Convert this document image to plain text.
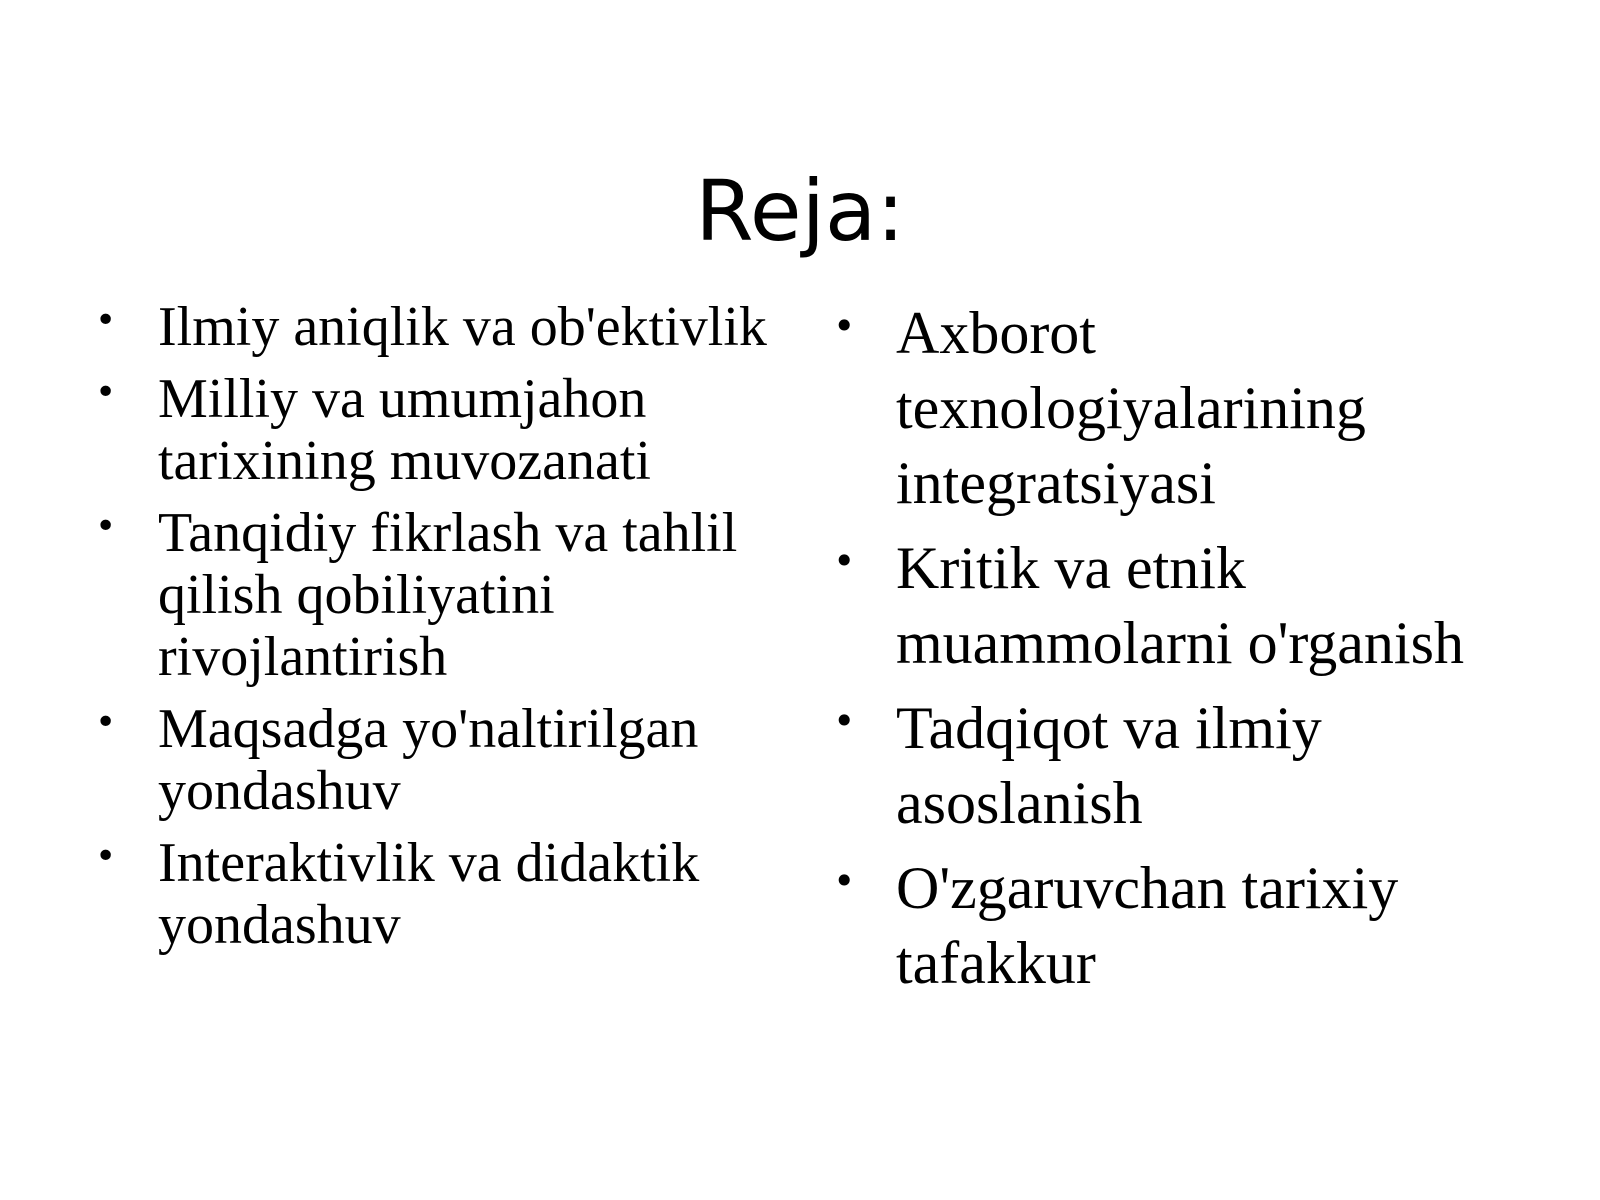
Reja:
• Ilmiy aniqlik va ob'ektivlik
• Milliy va umumjahon tarixining muvozanati
• Tanqidiy fikrlash va tahlil qilish qobiliyatini rivojlantirish
• Maqsadga yo'naltirilgan yondashuv
• Interaktivlik va didaktik yondashuv
• Axborot texnologiyalarining integratsiyasi
• Kritik va etnik muammolarni o'rganish
• Tadqiqot va ilmiy asoslanish
• O'zgaruvchan tarixiy tafakkur
